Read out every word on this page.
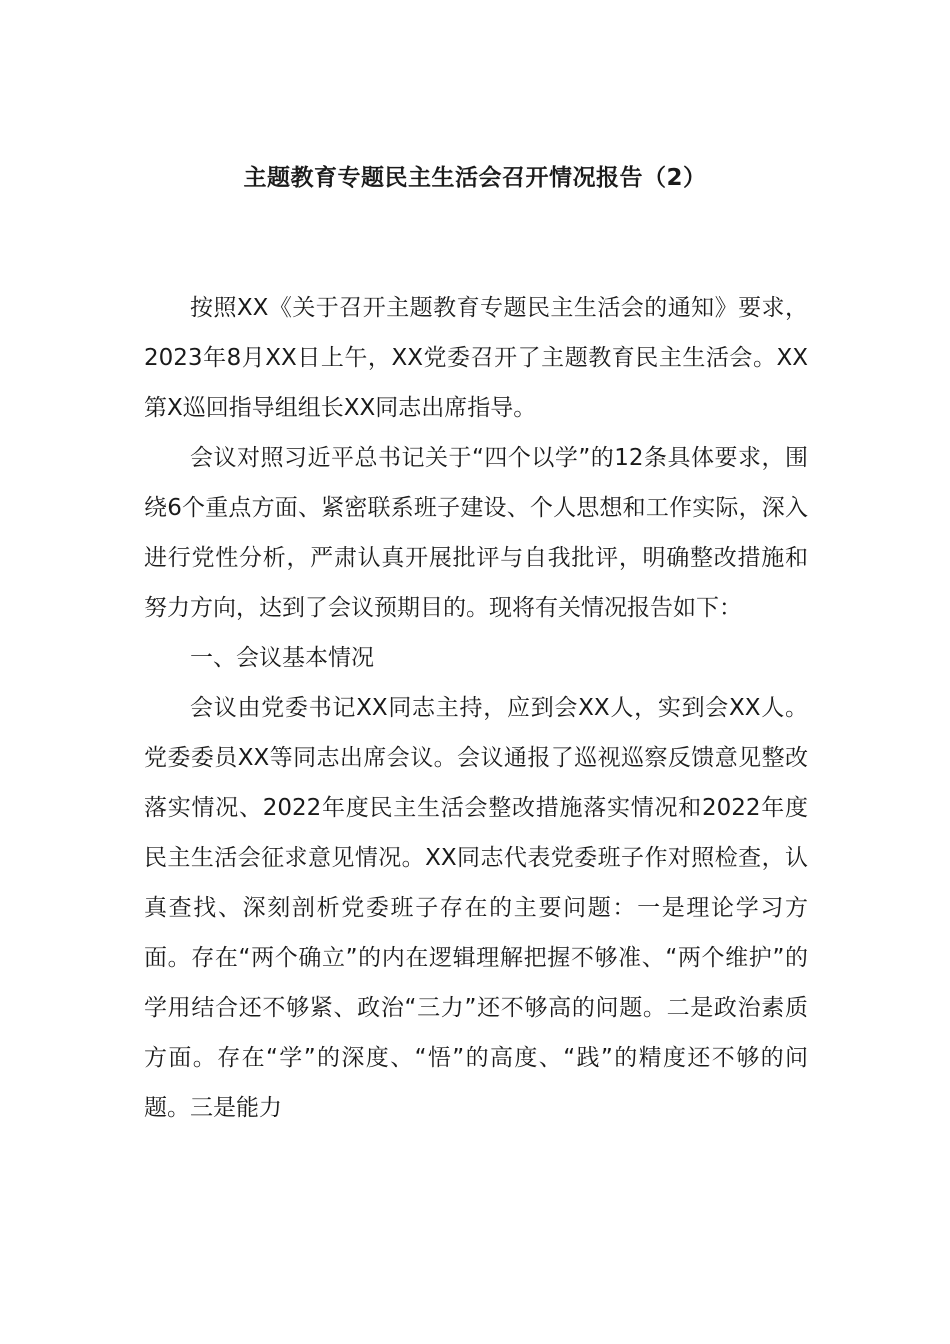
主题教育专题民主生活会召开情况报告（2）

按照XX《关于召开主题教育专题民主生活会的通知》要求，2023年8月XX日上午，XX党委召开了主题教育民主生活会。XX第X巡回指导组组长XX同志出席指导。

会议对照习近平总书记关于“四个以学”的12条具体要求，围绕6个重点方面、紧密联系班子建设、个人思想和工作实际，深入进行党性分析，严肃认真开展批评与自我批评，明确整改措施和努力方向，达到了会议预期目的。现将有关情况报告如下：

一、会议基本情况

会议由党委书记XX同志主持，应到会XX人，实到会XX人。党委委员XX等同志出席会议。会议通报了巡视巡察反馈意见整改落实情况、2022年度民主生活会整改措施落实情况和2022年度民主生活会征求意见情况。XX同志代表党委班子作对照检查，认真查找、深刻剖析党委班子存在的主要问题：一是理论学习方面。存在“两个确立”的内在逻辑理解把握不够准、“两个维护”的学用结合还不够紧、政治“三力”还不够高的问题。二是政治素质方面。存在“学”的深度、“悟”的高度、“践”的精度还不够的问题。三是能力
